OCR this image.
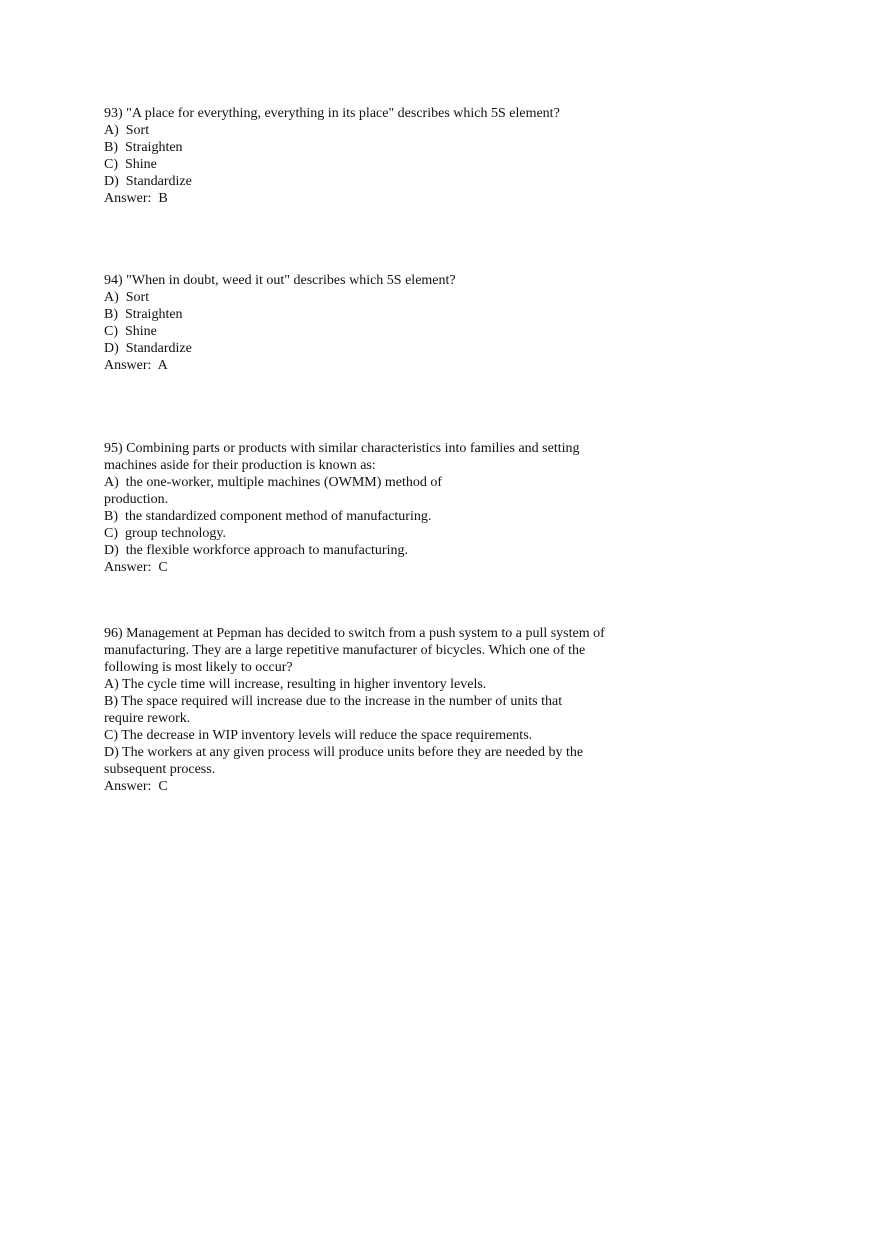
93) "A place for everything, everything in its place" describes which 5S element?
A)  Sort
B)  Straighten
C)  Shine
D)  Standardize
Answer:  B
94) "When in doubt, weed it out" describes which 5S element?
A)  Sort
B)  Straighten
C)  Shine
D)  Standardize
Answer:  A
95) Combining parts or products with similar characteristics into families and setting
machines aside for their production is known as:
A)  the one-worker, multiple machines (OWMM) method of
production.
B)  the standardized component method of manufacturing.
C)  group technology.
D)  the flexible workforce approach to manufacturing.
Answer:  C
96) Management at Pepman has decided to switch from a push system to a pull system of
manufacturing. They are a large repetitive manufacturer of bicycles. Which one of the
following is most likely to occur?
A) The cycle time will increase, resulting in higher inventory levels.
B) The space required will increase due to the increase in the number of units that
require rework.
C) The decrease in WIP inventory levels will reduce the space requirements.
D) The workers at any given process will produce units before they are needed by the
subsequent process.
Answer:  C
